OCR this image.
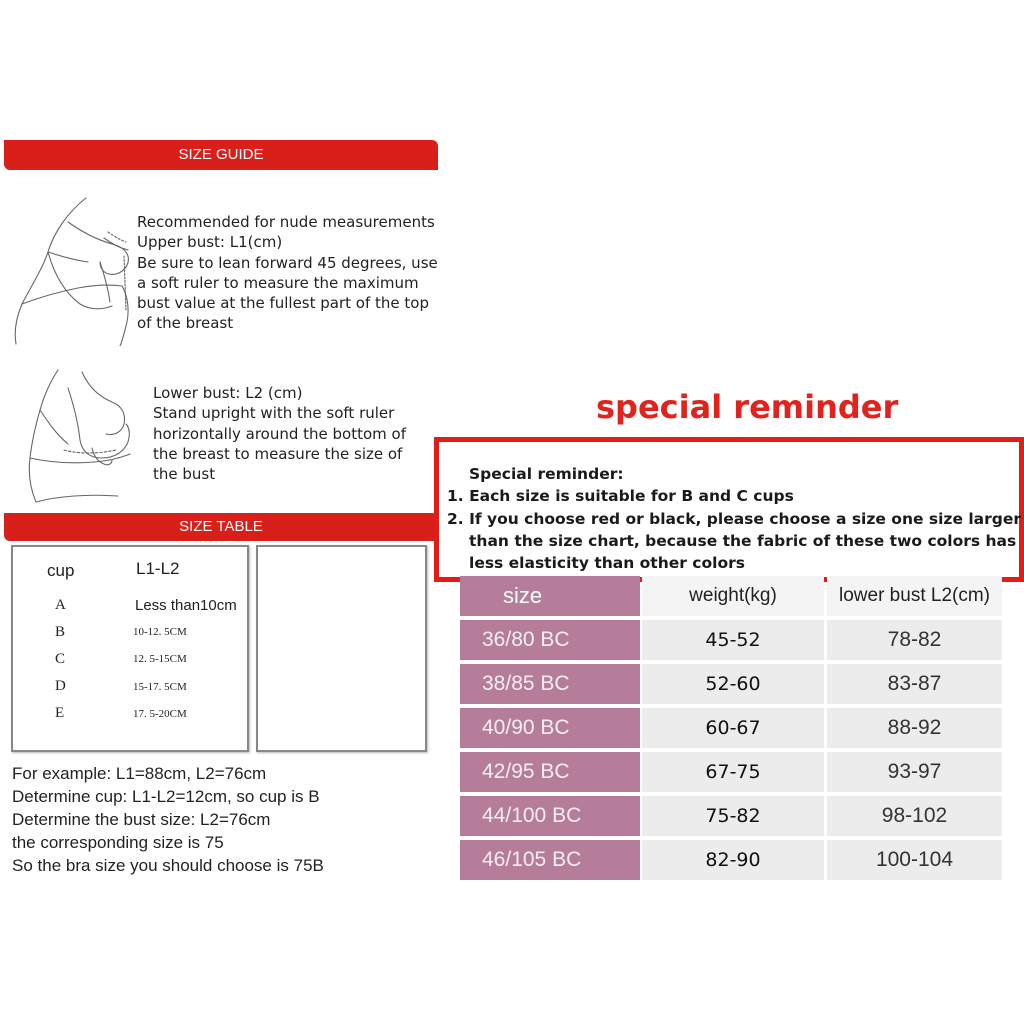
SIZE GUIDE
Recommended for nude measurements
Upper bust: L1(cm)
Be sure to lean forward 45 degrees, use
a soft ruler to measure the maximum
bust value at the fullest part of the top
of the breast
Lower bust: L2 (cm)
Stand upright with the soft ruler
horizontally around the bottom of
the breast to measure the size of
the bust
SIZE TABLE
cup	L1-L2
A	Less than10cm
B	10-12. 5CM
C	12. 5-15CM
D	15-17. 5CM
E	17. 5-20CM
For example: L1=88cm, L2=76cm
Determine cup: L1-L2=12cm, so cup is B
Determine the bust size: L2=76cm
the corresponding size is 75
So the bra size you should choose is 75B
special reminder
Special reminder:
1. Each size is suitable for B and C cups
2. If you choose red or black, please choose a size one size larger
than the size chart, because the fabric of these two colors has
less elasticity than other colors
size	weight(kg)	lower bust L2(cm)
36/80 BC	45-52	78-82
38/85 BC	52-60	83-87
40/90 BC	60-67	88-92
42/95 BC	67-75	93-97
44/100 BC	75-82	98-102
46/105 BC	82-90	100-104
